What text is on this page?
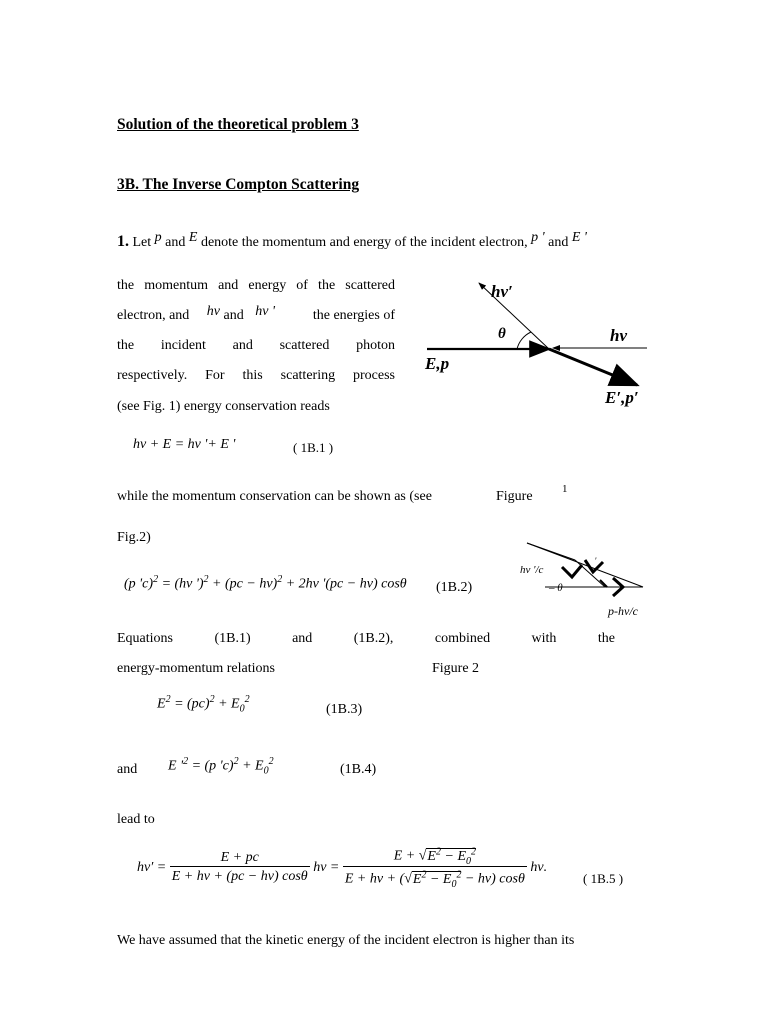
Solution of the theoretical problem 3
3B. The Inverse Compton Scattering
1. Let p and E denote the momentum and energy of the incident electron, p ' and E '
the momentum and energy of the scattered
electron, and hν and hν '	the energies of
the incident and scattered photon
respectively. For this scattering process
(see Fig. 1) energy conservation reads
hν′
θ	hν
E,p
E′,p′
hν + E = hν '+ E '	( 1B.1 )
while the momentum conservation can be shown as (see	Figure	1
Fig.2)
(p 'c)$^2$ = (hν ')$^2$ + (pc − hν)$^2$ + 2hν '(pc − hν) cosθ (1B.2)
hν '/c
′
– θ
p-hν/c
Equations	(1B.1)	and	(1B.2),	combined	with	the
energy-momentum relations	Figure 2
$E^2 = (pc)^2 + E_0^2$
(1B.3)
and E '$^2 = (p$ '$c)^2 + E_0^2$
(1B.4)
lead to
$h\nu' = \frac{E + pc}{E + h\nu + (pc - h\nu) \cos\theta}$ $h\nu = \frac{E + √E^2 - E_0^2}{E + h\nu + (√E^2 - E_0^2 - h\nu) \cos\theta} h\nu$.
( 1B.5 )
We have assumed that the kinetic energy of the incident electron is higher than its
